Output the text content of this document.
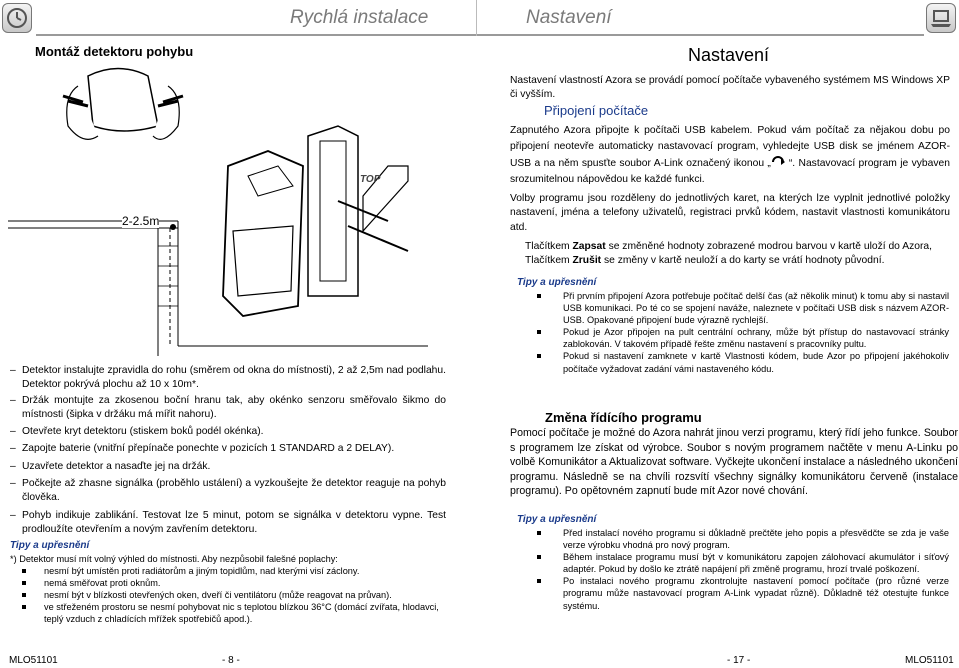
Rychlá instalace	Nastavení
Montáž detektoru pohybu
TOP
2-2.5m
– Detektor instalujte zpravidla do rohu (směrem od okna do místnosti), 2 až 2,5m nad podlahu. Detektor pokrývá plochu až 10 x 10m*.
– Držák montujte za zkosenou boční hranu tak, aby okénko senzoru směřovalo šikmo do místnosti (šipka v držáku má mířit nahoru).
– Otevřete kryt detektoru (stiskem boků podél okénka).
– Zapojte baterie (vnitřní přepínače ponechte v pozicích 1 STANDARD a 2 DELAY).
– Uzavřete detektor a nasaďte jej na držák.
– Počkejte až zhasne signálka (proběhlo ustálení) a vyzkoušejte že detektor reaguje na pohyb člověka.
– Pohyb indikuje zablikání. Testovat lze 5 minut, potom se signálka v detektoru vypne. Test prodloužíte otevřením a novým zavřením detektoru.
Tipy a upřesnění
*) Detektor musí mít volný výhled do místnosti. Aby nezpůsobil falešné poplachy:
nesmí být umístěn proti radiátorům a jiným topidlům, nad kterými visí záclony.
nemá směřovat proti oknům.
nesmí být v blízkosti otevřených oken, dveří či ventilátoru (může reagovat na průvan).
ve střeženém prostoru se nesmí pohybovat nic s teplotou blízkou 36°C (domácí zvířata, hlodavci, teplý vzduch z chladících mřížek spotřebičů apod.).
Nastavení
Nastavení vlastností Azora se provádí pomocí počítače vybaveného systémem MS Windows XP či vyšším.
Připojení počítače
Zapnutého Azora připojte k počítači USB kabelem. Pokud vám počítač za nějakou dobu po připojení neotevře automaticky nastavovací program, vyhledejte USB disk se jménem AZOR-USB a na něm spusťte soubor A-Link označený ikonou „ “. Nastavovací program je vybaven srozumitelnou nápovědou ke každé funkci.
Volby programu jsou rozděleny do jednotlivých karet, na kterých lze vyplnit jednotlivé položky nastavení, jména a telefony uživatelů, registraci prvků kódem, nastavit vlastnosti komunikátoru atd.
Tlačítkem Zapsat se změněné hodnoty zobrazené modrou barvou v kartě uloží do Azora,
Tlačítkem Zrušit se změny v kartě neuloží a do karty se vrátí hodnoty původní.
Tipy a upřesnění
Při prvním připojení Azora potřebuje počítač delší čas (až několik minut) k tomu aby si nastavil USB komunikaci. Po té co se spojení naváže, naleznete v počítači USB disk s názvem AZOR-USB. Opakované připojení bude výrazně rychlejší.
Pokud je Azor připojen na pult centrální ochrany, může být přístup do nastavovací stránky zablokován. V takovém případě řešte změnu nastavení s pracovníky pultu.
Pokud si nastavení zamknete v kartě Vlastnosti kódem, bude Azor po připojení jakéhokoliv počítače vyžadovat zadání vámi nastaveného kódu.
Změna řídícího programu
Pomocí počítače je možné do Azora nahrát jinou verzi programu, který řídí jeho funkce. Soubor s programem lze získat od výrobce. Soubor s novým programem načtěte v menu A-Linku po volbě Komunikátor a Aktualizovat software. Vyčkejte ukončení instalace a následného ukončení programu. Následně se na chvíli rozsvítí všechny signálky komunikátoru červeně (instalace programu). Po opětovném zapnutí bude mít Azor nové chování.
Tipy a upřesnění
Před instalací nového programu si důkladně prečtěte jeho popis a přesvědčte se zda je vaše verze výrobku vhodná pro nový program.
Během instalace programu musí být v komunikátoru zapojen zálohovací akumulátor i síťový adaptér. Pokud by došlo ke ztrátě napájení při změně programu, hrozí trvalé poškození.
Po instalaci nového programu zkontrolujte nastavení pomocí počítače (pro různé verze programu může nastavovací program A-Link vypadat různě). Důkladně též otestujte funkce systému.
MLO51101	- 8 -	- 17 -	MLO51101
